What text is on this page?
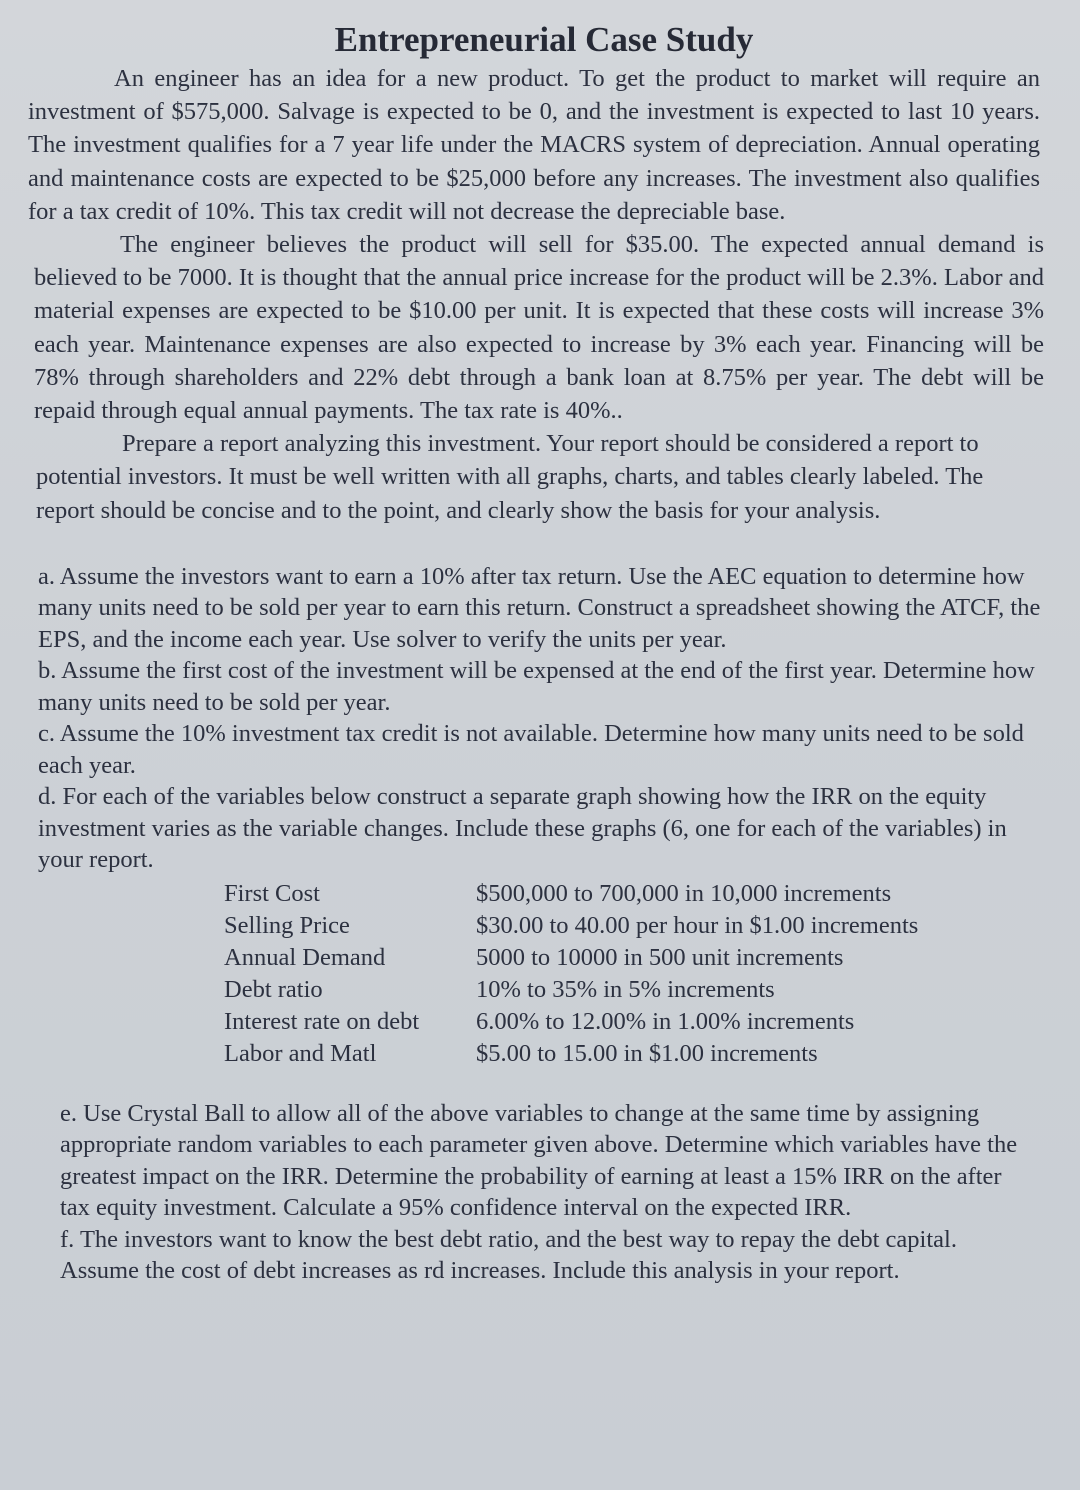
Entrepreneurial Case Study

An engineer has an idea for a new product. To get the product to market will require an investment of $575,000. Salvage is expected to be 0, and the investment is expected to last 10 years. The investment qualifies for a 7 year life under the MACRS system of depreciation. Annual operating and maintenance costs are expected to be $25,000 before any increases. The investment also qualifies for a tax credit of 10%. This tax credit will not decrease the depreciable base.

The engineer believes the product will sell for $35.00. The expected annual demand is believed to be 7000. It is thought that the annual price increase for the product will be 2.3%. Labor and material expenses are expected to be $10.00 per unit. It is expected that these costs will increase 3% each year. Maintenance expenses are also expected to increase by 3% each year. Financing will be 78% through shareholders and 22% debt through a bank loan at 8.75% per year. The debt will be repaid through equal annual payments. The tax rate is 40%..

Prepare a report analyzing this investment. Your report should be considered a report to potential investors. It must be well written with all graphs, charts, and tables clearly labeled. The report should be concise and to the point, and clearly show the basis for your analysis.

a. Assume the investors want to earn a 10% after tax return. Use the AEC equation to determine how many units need to be sold per year to earn this return. Construct a spreadsheet showing the ATCF, the EPS, and the income each year. Use solver to verify the units per year.

b. Assume the first cost of the investment will be expensed at the end of the first year. Determine how many units need to be sold per year.

c. Assume the 10% investment tax credit is not available. Determine how many units need to be sold each year.

d. For each of the variables below construct a separate graph showing how the IRR on the equity investment varies as the variable changes. Include these graphs (6, one for each of the variables) in your report.

First Cost	$500,000 to 700,000 in 10,000 increments
Selling Price	$30.00 to 40.00 per hour in $1.00 increments
Annual Demand	5000 to 10000 in 500 unit increments
Debt ratio	10% to 35% in 5% increments
Interest rate on debt	6.00% to 12.00% in 1.00% increments
Labor and Matl	$5.00 to 15.00 in $1.00 increments

e. Use Crystal Ball to allow all of the above variables to change at the same time by assigning appropriate random variables to each parameter given above. Determine which variables have the greatest impact on the IRR. Determine the probability of earning at least a 15% IRR on the after tax equity investment. Calculate a 95% confidence interval on the expected IRR.

f. The investors want to know the best debt ratio, and the best way to repay the debt capital. Assume the cost of debt increases as rd increases. Include this analysis in your report.
